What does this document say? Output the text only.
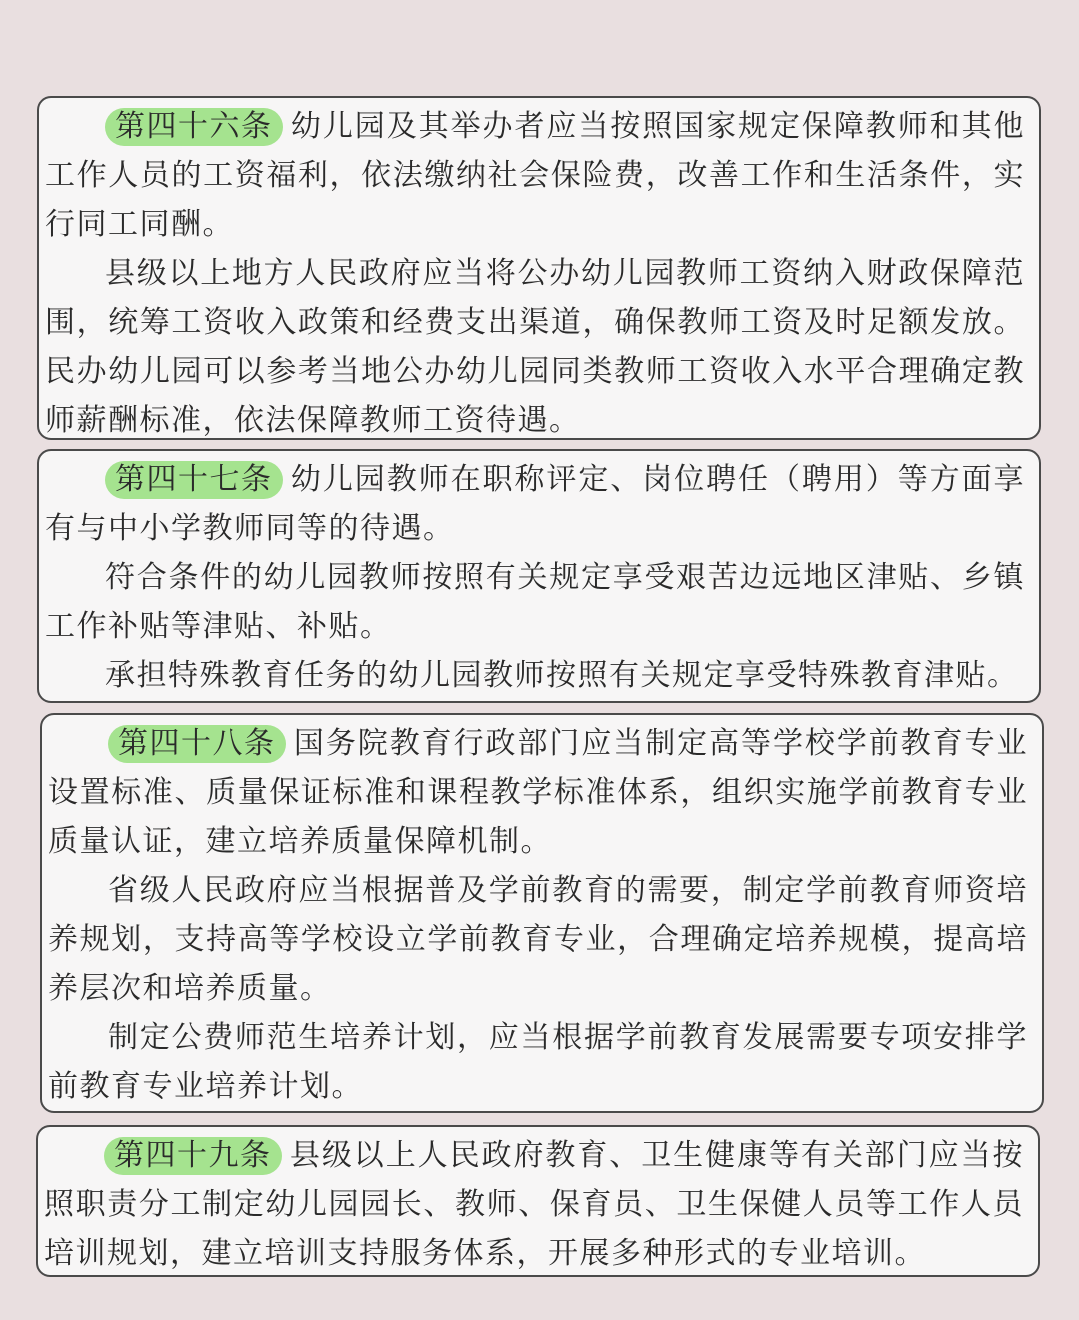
第四十六条 幼儿园及其举办者应当按照国家规定保障教师和其他工作人员的工资福利，依法缴纳社会保险费，改善工作和生活条件，实行同工同酬。

县级以上地方人民政府应当将公办幼儿园教师工资纳入财政保障范围，统筹工资收入政策和经费支出渠道，确保教师工资及时足额发放。民办幼儿园可以参考当地公办幼儿园同类教师工资收入水平合理确定教师薪酬标准，依法保障教师工资待遇。

第四十七条 幼儿园教师在职称评定、岗位聘任（聘用）等方面享有与中小学教师同等的待遇。

符合条件的幼儿园教师按照有关规定享受艰苦边远地区津贴、乡镇工作补贴等津贴、补贴。

承担特殊教育任务的幼儿园教师按照有关规定享受特殊教育津贴。

第四十八条 国务院教育行政部门应当制定高等学校学前教育专业设置标准、质量保证标准和课程教学标准体系，组织实施学前教育专业质量认证，建立培养质量保障机制。

省级人民政府应当根据普及学前教育的需要，制定学前教育师资培养规划，支持高等学校设立学前教育专业，合理确定培养规模，提高培养层次和培养质量。

制定公费师范生培养计划，应当根据学前教育发展需要专项安排学前教育专业培养计划。

第四十九条 县级以上人民政府教育、卫生健康等有关部门应当按照职责分工制定幼儿园园长、教师、保育员、卫生保健人员等工作人员培训规划，建立培训支持服务体系，开展多种形式的专业培训。
